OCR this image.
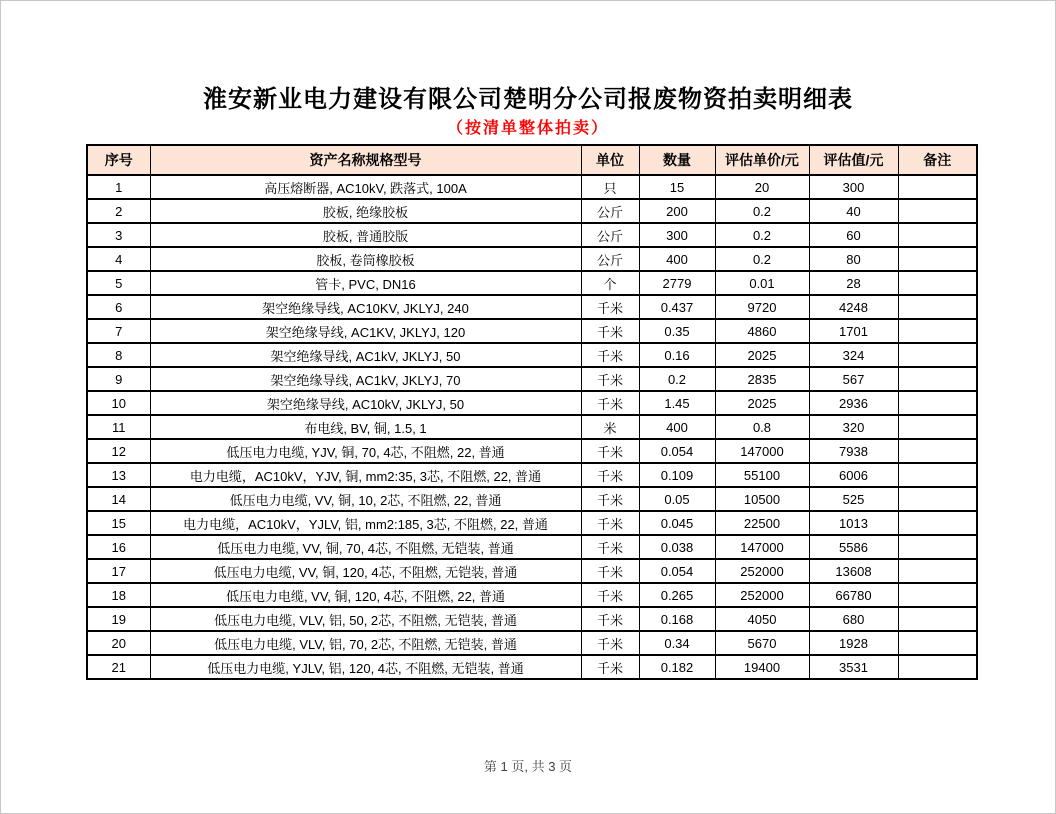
淮安新业电力建设有限公司楚明分公司报废物资拍卖明细表
（按清单整体拍卖）
序号	资产名称规格型号	单位	数量	评估单价/元	评估值/元	备注
1	高压熔断器, AC10kV, 跌落式, 100A	只	15	20	300	
2	胶板, 绝缘胶板	公斤	200	0.2	40	
3	胶板, 普通胶版	公斤	300	0.2	60	
4	胶板, 卷筒橡胶板	公斤	400	0.2	80	
5	管卡, PVC, DN16	个	2779	0.01	28	
6	架空绝缘导线, AC10KV, JKLYJ, 240	千米	0.437	9720	4248	
7	架空绝缘导线, AC1KV, JKLYJ, 120	千米	0.35	4860	1701	
8	架空绝缘导线, AC1kV, JKLYJ, 50	千米	0.16	2025	324	
9	架空绝缘导线, AC1kV, JKLYJ, 70	千米	0.2	2835	567	
10	架空绝缘导线, AC10kV, JKLYJ, 50	千米	1.45	2025	2936	
11	布电线, BV, 铜, 1.5, 1	米	400	0.8	320	
12	低压电力电缆, YJV, 铜, 70, 4芯, 不阻燃, 22, 普通	千米	0.054	147000	7938	
13	电力电缆，AC10kV，YJV, 铜, mm2:35, 3芯, 不阻燃, 22, 普通	千米	0.109	55100	6006	
14	低压电力电缆, VV, 铜, 10, 2芯, 不阻燃, 22, 普通	千米	0.05	10500	525	
15	电力电缆，AC10kV，YJLV, 铝, mm2:185, 3芯, 不阻燃, 22, 普通	千米	0.045	22500	1013	
16	低压电力电缆, VV, 铜, 70, 4芯, 不阻燃, 无铠装, 普通	千米	0.038	147000	5586	
17	低压电力电缆, VV, 铜, 120, 4芯, 不阻燃, 无铠装, 普通	千米	0.054	252000	13608	
18	低压电力电缆, VV, 铜, 120, 4芯, 不阻燃, 22, 普通	千米	0.265	252000	66780	
19	低压电力电缆, VLV, 铝, 50, 2芯, 不阻燃, 无铠装, 普通	千米	0.168	4050	680	
20	低压电力电缆, VLV, 铝, 70, 2芯, 不阻燃, 无铠装, 普通	千米	0.34	5670	1928	
21	低压电力电缆, YJLV, 铝, 120, 4芯, 不阻燃, 无铠装, 普通	千米	0.182	19400	3531	
第 1 页, 共 3 页
